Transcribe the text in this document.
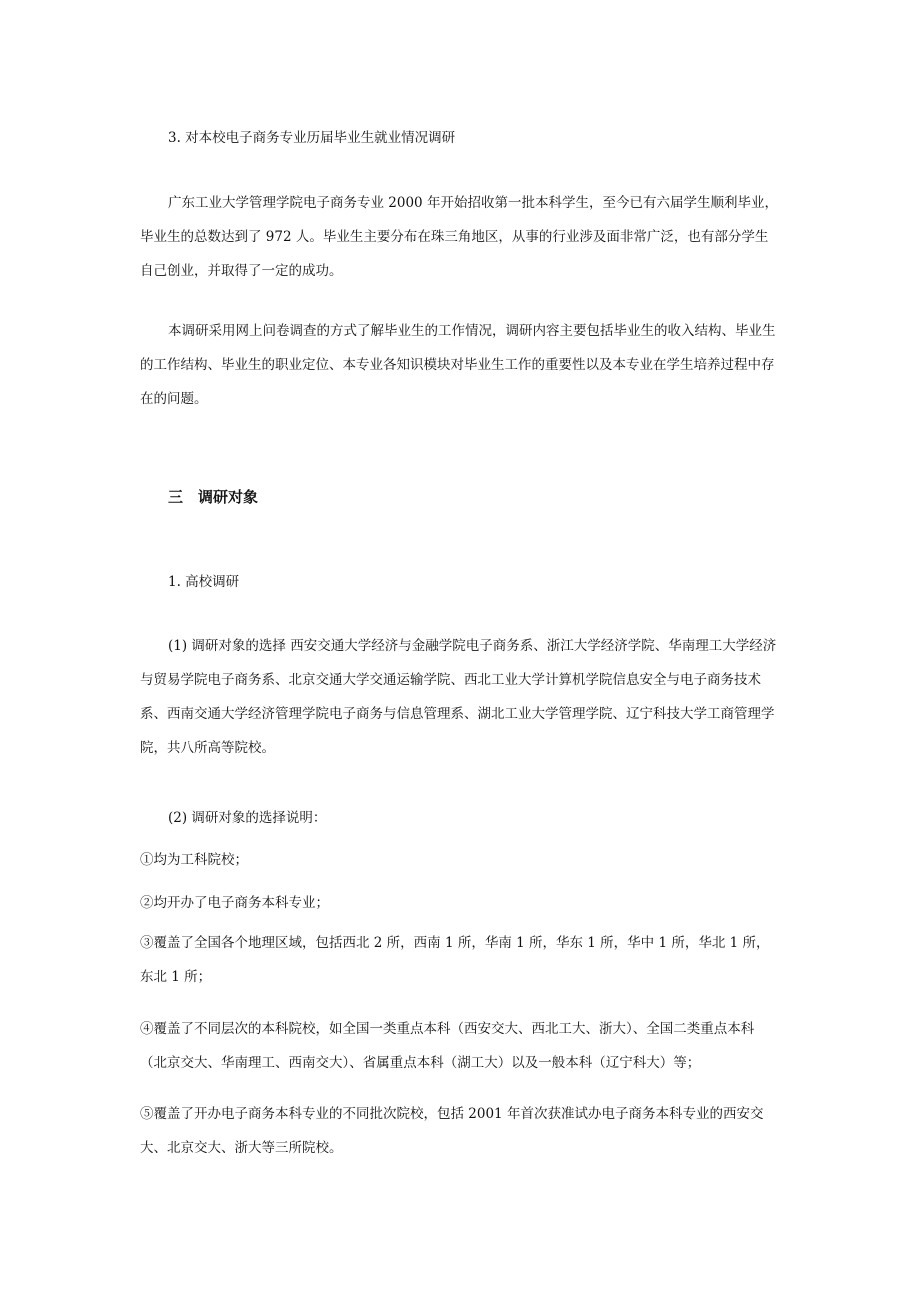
3. 对本校电子商务专业历届毕业生就业情况调研

广东工业大学管理学院电子商务专业 2000 年开始招收第一批本科学生，至今已有六届学生顺利毕业，毕业生的总数达到了 972 人。毕业生主要分布在珠三角地区，从事的行业涉及面非常广泛，也有部分学生自己创业，并取得了一定的成功。

本调研采用网上问卷调查的方式了解毕业生的工作情况，调研内容主要包括毕业生的收入结构、毕业生的工作结构、毕业生的职业定位、本专业各知识模块对毕业生工作的重要性以及本专业在学生培养过程中存在的问题。

三　调研对象

1. 高校调研

(1) 调研对象的选择 西安交通大学经济与金融学院电子商务系、浙江大学经济学院、华南理工大学经济与贸易学院电子商务系、北京交通大学交通运输学院、西北工业大学计算机学院信息安全与电子商务技术系、西南交通大学经济管理学院电子商务与信息管理系、湖北工业大学管理学院、辽宁科技大学工商管理学院，共八所高等院校。

(2) 调研对象的选择说明：

①均为工科院校；

②均开办了电子商务本科专业；

③覆盖了全国各个地理区域，包括西北 2 所，西南 1 所，华南 1 所，华东 1 所，华中 1 所，华北 1 所，东北 1 所；

④覆盖了不同层次的本科院校，如全国一类重点本科（西安交大、西北工大、浙大）、全国二类重点本科（北京交大、华南理工、西南交大）、省属重点本科（湖工大）以及一般本科（辽宁科大）等；

⑤覆盖了开办电子商务本科专业的不同批次院校，包括 2001 年首次获准试办电子商务本科专业的西安交大、北京交大、浙大等三所院校。
